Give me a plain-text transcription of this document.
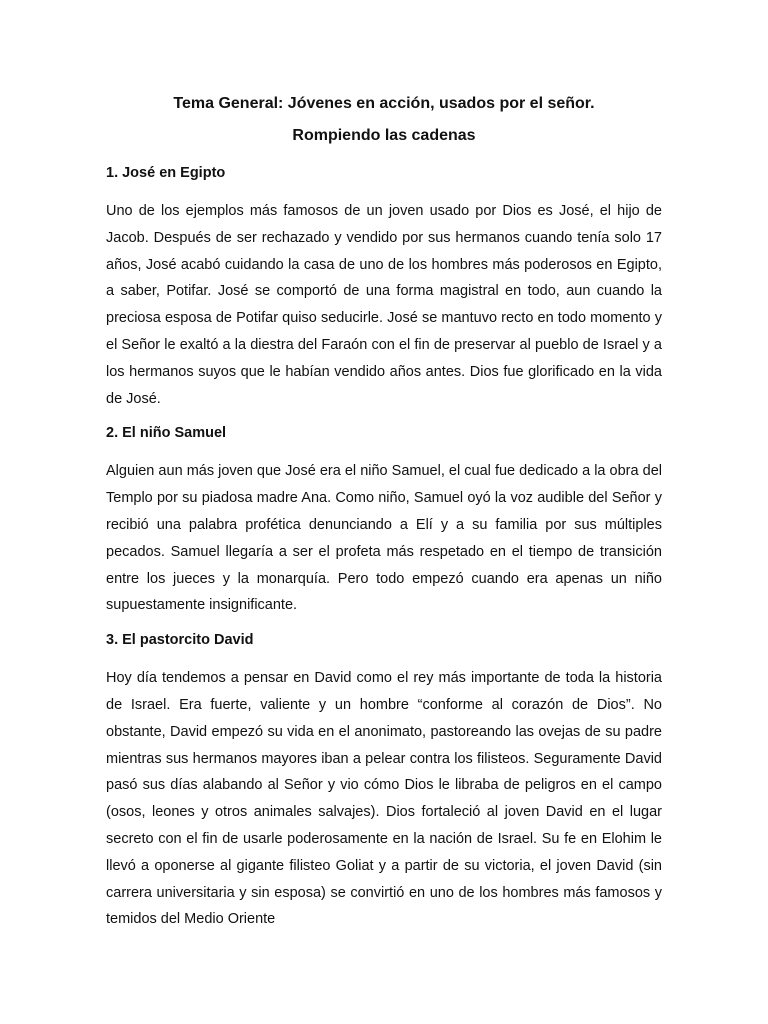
Tema General: Jóvenes en acción, usados por el señor.
Rompiendo las cadenas
1. José en Egipto

Uno de los ejemplos más famosos de un joven usado por Dios es José, el hijo de Jacob. Después de ser rechazado y vendido por sus hermanos cuando tenía solo 17 años, José acabó cuidando la casa de uno de los hombres más poderosos en Egipto, a saber, Potifar. José se comportó de una forma magistral en todo, aun cuando la preciosa esposa de Potifar quiso seducirle. José se mantuvo recto en todo momento y el Señor le exaltó a la diestra del Faraón con el fin de preservar al pueblo de Israel y a los hermanos suyos que le habían vendido años antes. Dios fue glorificado en la vida de José.

2. El niño Samuel

Alguien aun más joven que José era el niño Samuel, el cual fue dedicado a la obra del Templo por su piadosa madre Ana. Como niño, Samuel oyó la voz audible del Señor y recibió una palabra profética denunciando a Elí y a su familia por sus múltiples pecados. Samuel llegaría a ser el profeta más respetado en el tiempo de transición entre los jueces y la monarquía. Pero todo empezó cuando era apenas un niño supuestamente insignificante.

3. El pastorcito David

Hoy día tendemos a pensar en David como el rey más importante de toda la historia de Israel. Era fuerte, valiente y un hombre “conforme al corazón de Dios”. No obstante, David empezó su vida en el anonimato, pastoreando las ovejas de su padre mientras sus hermanos mayores iban a pelear contra los filisteos. Seguramente David pasó sus días alabando al Señor y vio cómo Dios le libraba de peligros en el campo (osos, leones y otros animales salvajes). Dios fortaleció al joven David en el lugar secreto con el fin de usarle poderosamente en la nación de Israel. Su fe en Elohim le llevó a oponerse al gigante filisteo Goliat y a partir de su victoria, el joven David (sin carrera universitaria y sin esposa) se convirtió en uno de los hombres más famosos y temidos del Medio Oriente
